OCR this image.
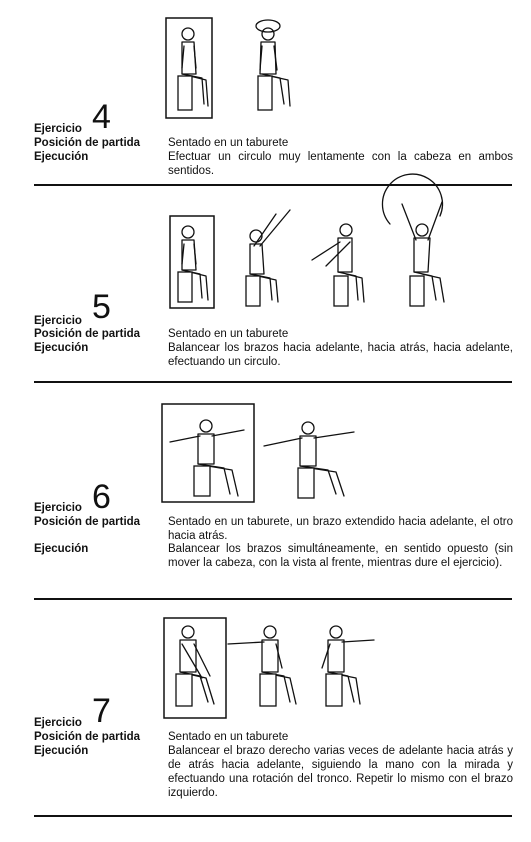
4
Ejercicio
Posición de partida
Ejecución
Sentado en un taburete
Efectuar un circulo muy lentamente con la cabeza en ambos sentidos.
5
Ejercicio
Posición de partida
Ejecución
Sentado en un taburete
Balancear los brazos hacia adelante, hacia atrás, hacia adelante, efectuando un circulo.
6
Ejercicio
Posición de partida
Ejecución
Sentado en un taburete, un brazo extendido hacia adelante, el otro hacia atrás.
Balancear los brazos simultáneamente, en sentido opuesto (sin mover la cabeza, con la vista al frente, mientras dure el ejercicio).
7
Ejercicio
Posición de partida
Ejecución
Sentado en un taburete
Balancear el brazo derecho varias veces de adelante hacia atrás y de atrás hacia adelante, siguiendo la mano con la mirada y efectuando una rotación del tronco. Repetir lo mismo con el brazo izquierdo.
